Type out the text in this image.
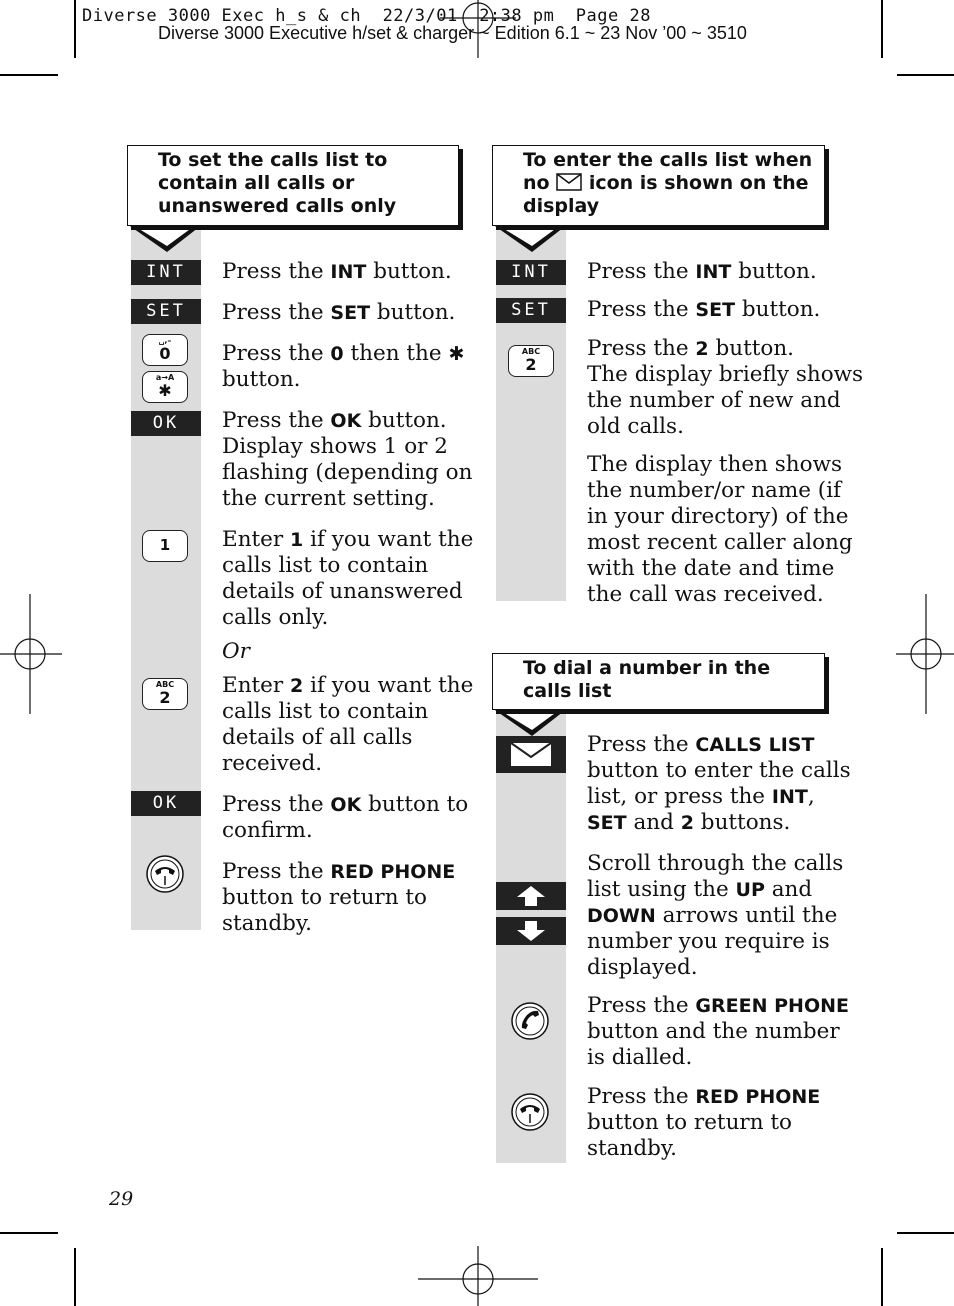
Diverse 3000 Exec h_s & ch  22/3/01  2:38 pm  Page 28
Diverse 3000 Executive h/set & charger ~ Edition 6.1 ~ 23 Nov ’00 ~ 3510
To set the calls list to
contain all calls or
unanswered calls only
INT	Press the INT button.
SET	Press the SET button.
␣,–
0
a→A
✱
Press the 0 then the ✱
button.
OK	Press the OK button.
Display shows 1 or 2
flashing (depending on
the current setting.
1	Enter 1 if you want the
calls list to contain
details of unanswered
calls only.
Or
ABC
2	Enter 2 if you want the
calls list to contain
details of all calls
received.
OK	Press the OK button to
confirm.
Press the RED PHONE
button to return to
standby.
To enter the calls list when
no  icon is shown on the
display
INT	Press the INT button.
SET	Press the SET button.
ABC
2
Press the 2 button.
The display briefly shows
the number of new and
old calls.
The display then shows
the number/or name (if
in your directory) of the
most recent caller along
with the date and time
the call was received.
To dial a number in the
calls list
Press the CALLS LIST
button to enter the calls
list, or press the INT,
SET and 2 buttons.
Scroll through the calls
list using the UP and
DOWN arrows until the
number you require is
displayed.
Press the GREEN PHONE
button and the number
is dialled.
Press the RED PHONE
button to return to
standby.
29
